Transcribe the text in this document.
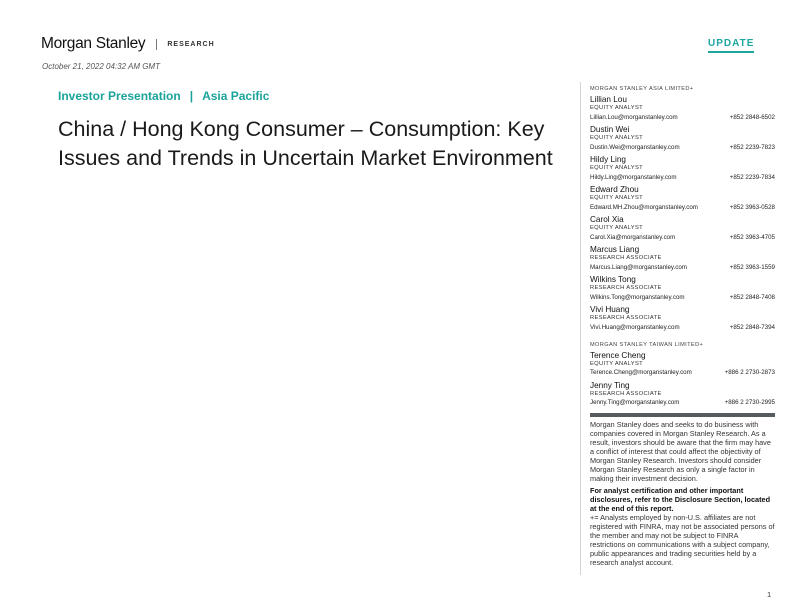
Morgan Stanley	RESEARCH
October 21, 2022 04:32 AM GMT
UPDATE
Investor Presentation | Asia Pacific
China / Hong Kong Consumer – Consumption: Key Issues and Trends in Uncertain Market Environment
MORGAN STANLEY ASIA LIMITED+
Lillian Lou
EQUITY ANALYST
Lillian.Lou@morganstanley.com	+852 2848-6502
Dustin Wei
EQUITY ANALYST
Dustin.Wei@morganstanley.com	+852 2239-7823
Hildy Ling
EQUITY ANALYST
Hildy.Ling@morganstanley.com	+852 2239-7834
Edward Zhou
EQUITY ANALYST
Edward.MH.Zhou@morganstanley.com	+852 3963-0528
Carol Xia
EQUITY ANALYST
Carol.Xia@morganstanley.com	+852 3963-4705
Marcus Liang
RESEARCH ASSOCIATE
Marcus.Liang@morganstanley.com	+852 3963-1559
Wilkins Tong
RESEARCH ASSOCIATE
Wilkins.Tong@morganstanley.com	+852 2848-7408
Vivi Huang
RESEARCH ASSOCIATE
Vivi.Huang@morganstanley.com	+852 2848-7394
MORGAN STANLEY TAIWAN LIMITED+
Terence Cheng
EQUITY ANALYST
Terence.Cheng@morganstanley.com	+886 2 2730-2873
Jenny Ting
RESEARCH ASSOCIATE
Jenny.Ting@morganstanley.com	+886 2 2730-2995

Morgan Stanley does and seeks to do business with companies covered in Morgan Stanley Research. As a result, investors should be aware that the firm may have a conflict of interest that could affect the objectivity of Morgan Stanley Research. Investors should consider Morgan Stanley Research as only a single factor in making their investment decision.

For analyst certification and other important disclosures, refer to the Disclosure Section, located at the end of this report.

+= Analysts employed by non-U.S. affiliates are not registered with FINRA, may not be associated persons of the member and may not be subject to FINRA restrictions on communications with a subject company, public appearances and trading securities held by a research analyst account.

1
